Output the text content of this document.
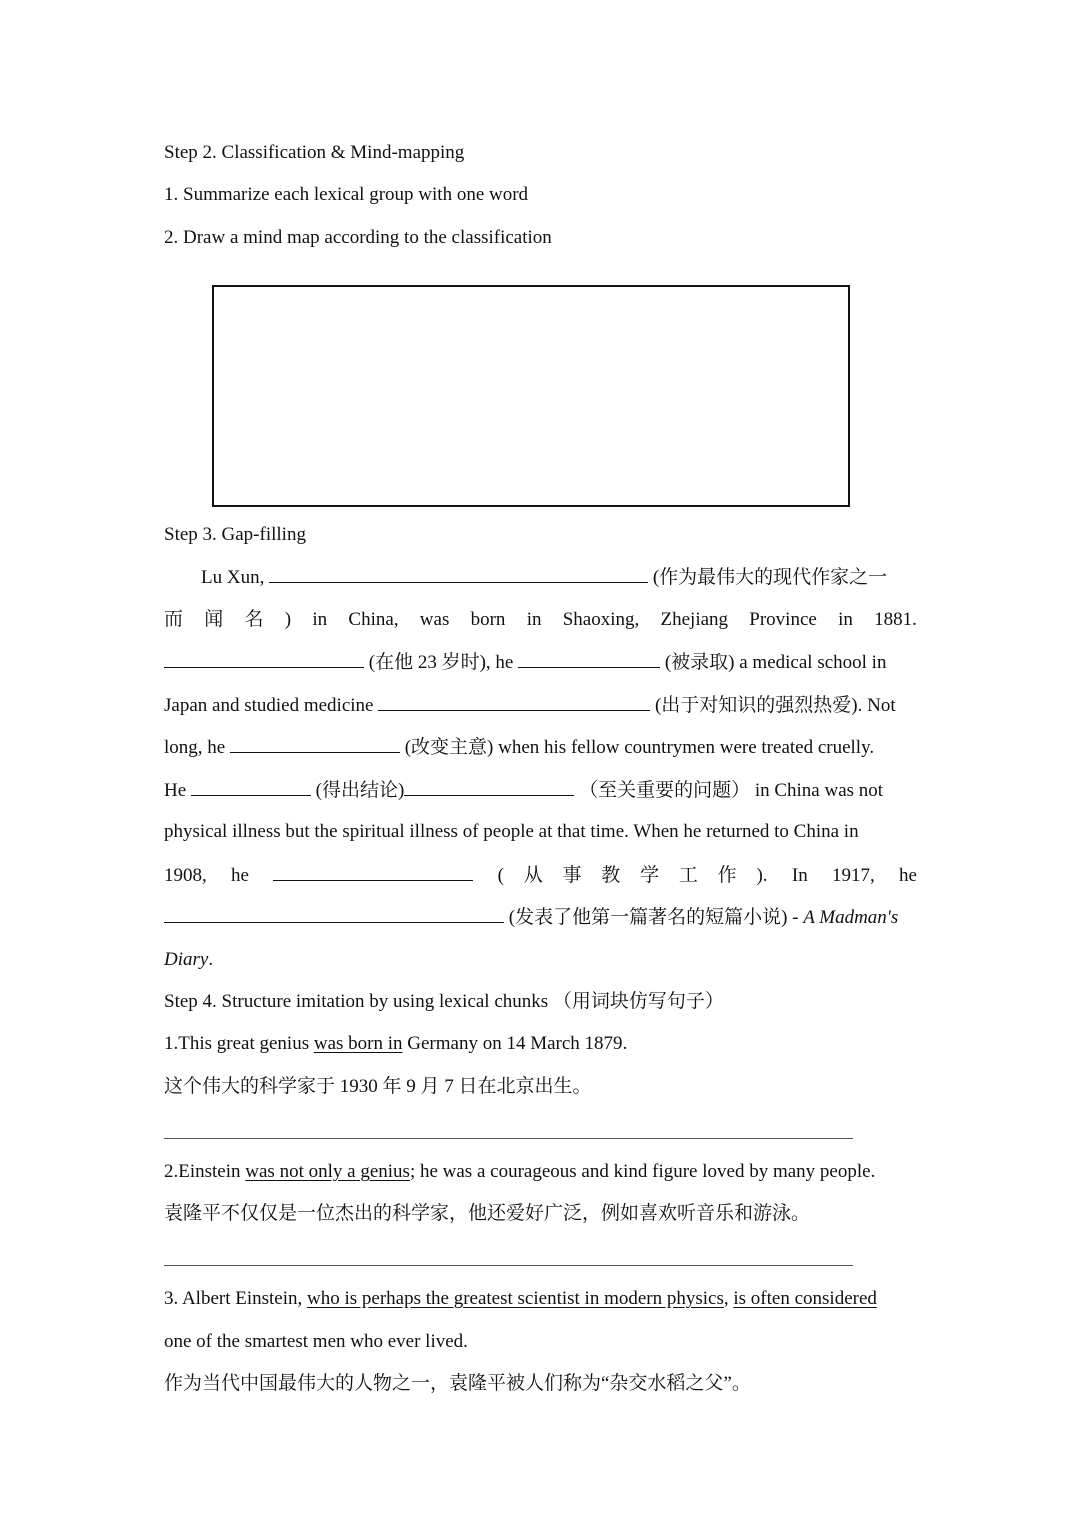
Step 2. Classification & Mind-mapping
1. Summarize each lexical group with one word
2. Draw a mind map according to the classification
Step 3. Gap-filling
Lu Xun,	(作为最伟大的现代作家之一
而 闻 名 ) in China, was born in Shaoxing, Zhejiang Province in 1881.
(在他 23 岁时), he	(被录取) a medical school in
Japan and studied medicine	(出于对知识的强烈热爱). Not
long, he	(改变主意) when his fellow countrymen were treated cruelly.
He	(得出结论)	（至关重要的问题） in China was not
physical illness but the spiritual illness of people at that time. When he returned to China in
1908, he	( 从 事 教 学 工 作 ). In 1917, he
(发表了他第一篇著名的短篇小说) - A Madman's
Diary.
Step 4. Structure imitation by using lexical chunks （用词块仿写句子）
1.This great genius was born in Germany on 14 March 1879.
这个伟大的科学家于 1930 年 9 月 7 日在北京出生。
2.Einstein was not only a genius; he was a courageous and kind figure loved by many people.
袁隆平不仅仅是一位杰出的科学家，他还爱好广泛，例如喜欢听音乐和游泳。
3. Albert Einstein, who is perhaps the greatest scientist in modern physics, is often considered
one of the smartest men who ever lived.
作为当代中国最伟大的人物之一，袁隆平被人们称为“杂交水稻之父”。
